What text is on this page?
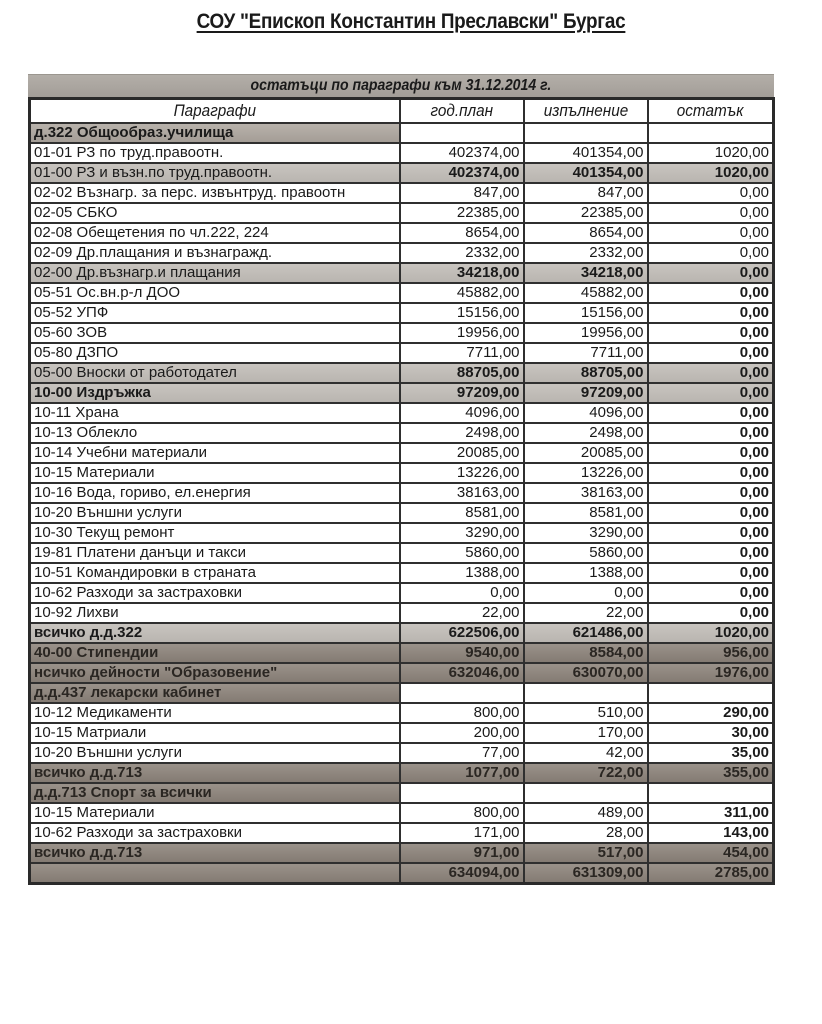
СОУ "Епископ Константин Преславски" Бургас
остатъци по параграфи към 31.12.2014 г.
Параграфи	год.план	изпълнение	остатък
д.322 Общообраз.училища			
01-01 РЗ по труд.правоотн.	402374,00	401354,00	1020,00
01-00 РЗ и възн.по труд.правоотн.	402374,00	401354,00	1020,00
02-02 Възнагр. за перс. извънтруд. правоотн	847,00	847,00	0,00
02-05 СБКО	22385,00	22385,00	0,00
02-08 Обещетения по чл.222, 224	8654,00	8654,00	0,00
02-09 Др.плащания и възнагражд.	2332,00	2332,00	0,00
02-00 Др.възнагр.и плащания	34218,00	34218,00	0,00
05-51 Ос.вн.р-л ДОО	45882,00	45882,00	0,00
05-52 УПФ	15156,00	15156,00	0,00
05-60 ЗОВ	19956,00	19956,00	0,00
05-80 ДЗПО	7711,00	7711,00	0,00
05-00 Вноски от работодател	88705,00	88705,00	0,00
10-00 Издръжка	97209,00	97209,00	0,00
10-11 Храна	4096,00	4096,00	0,00
10-13 Облекло	2498,00	2498,00	0,00
10-14 Учебни материали	20085,00	20085,00	0,00
10-15 Материали	13226,00	13226,00	0,00
10-16 Вода, гориво, ел.енергия	38163,00	38163,00	0,00
10-20 Външни услуги	8581,00	8581,00	0,00
10-30 Текущ ремонт	3290,00	3290,00	0,00
19-81 Платени данъци и такси	5860,00	5860,00	0,00
10-51 Командировки в страната	1388,00	1388,00	0,00
10-62 Разходи за застраховки	0,00	0,00	0,00
10-92 Лихви	22,00	22,00	0,00
всичко д.д.322	622506,00	621486,00	1020,00
40-00 Стипендии	9540,00	8584,00	956,00
нсичко дейности "Образовение"	632046,00	630070,00	1976,00
д.д.437 лекарски кабинет			
10-12 Медикаменти	800,00	510,00	290,00
10-15 Матриали	200,00	170,00	30,00
10-20 Външни услуги	77,00	42,00	35,00
всичко д.д.713	1077,00	722,00	355,00
д.д.713 Спорт за всички			
10-15 Материали	800,00	489,00	311,00
10-62 Разходи за застраховки	171,00	28,00	143,00
всичко д.д.713	971,00	517,00	454,00
	634094,00	631309,00	2785,00
